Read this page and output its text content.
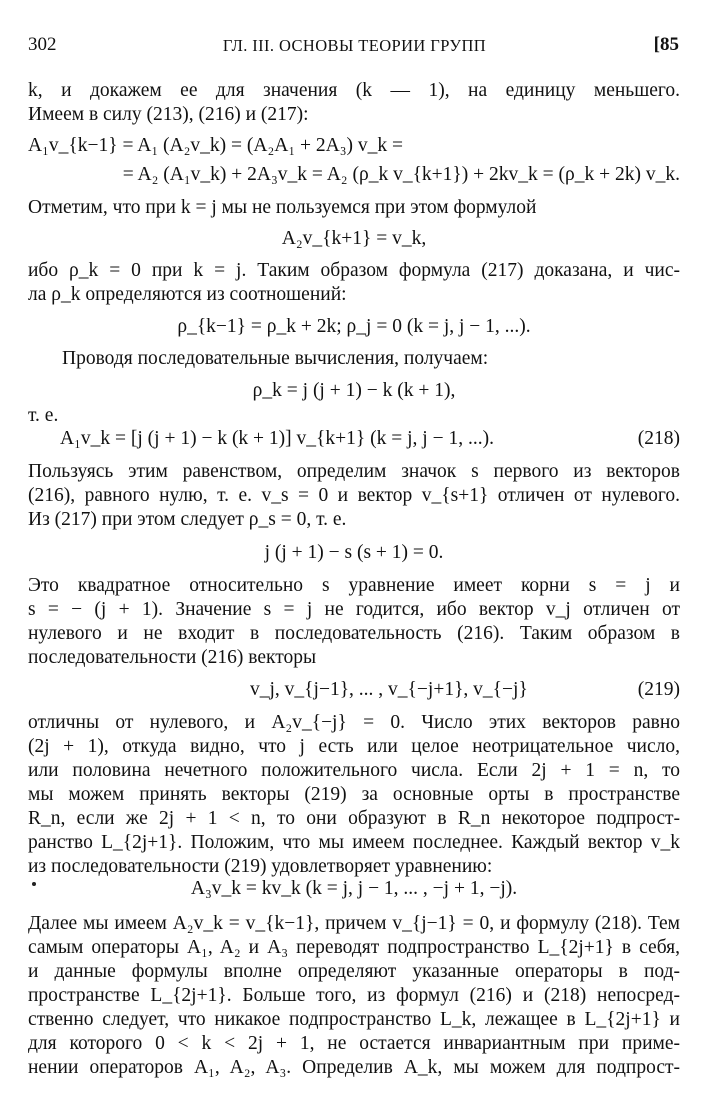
302	ГЛ. III. ОСНОВЫ ТЕОРИИ ГРУПП	[85
k, и докажем ее для значения (k — 1), на единицу меньшего.
Имеем в силу (213), (216) и (217):
A₁v_{k−1} = A₁ (A₂v_k) = (A₂A₁ + 2A₃) v_k =
= A₂ (A₁v_k) + 2A₃v_k = A₂ (ρ_k v_{k+1}) + 2kv_k = (ρ_k + 2k) v_k.
Отметим, что при k = j мы не пользуемся при этом формулой
A₂v_{k+1} = v_k,
ибо ρ_k = 0 при k = j. Таким образом формула (217) доказана, и чис-
ла ρ_k определяются из соотношений:
ρ_{k−1} = ρ_k + 2k; ρ_j = 0 (k = j, j − 1, ...).
Проводя последовательные вычисления, получаем:
ρ_k = j (j + 1) − k (k + 1),
т. е.
A₁v_k = [j (j + 1) − k (k + 1)] v_{k+1} (k = j, j − 1, ...).	(218)
Пользуясь этим равенством, определим значок s первого из векторов
(216), равного нулю, т. е. v_s = 0 и вектор v_{s+1} отличен от нулевого.
Из (217) при этом следует ρ_s = 0, т. е.
j (j + 1) − s (s + 1) = 0.
Это квадратное относительно s уравнение имеет корни s = j и
s = − (j + 1). Значение s = j не годится, ибо вектор v_j отличен от
нулевого и не входит в последовательность (216). Таким образом в
последовательности (216) векторы
v_j, v_{j−1}, ... , v_{−j+1}, v_{−j}	(219)
отличны от нулевого, и A₂v_{−j} = 0. Число этих векторов равно
(2j + 1), откуда видно, что j есть или целое неотрицательное число,
или половина нечетного положительного числа. Если 2j + 1 = n, то
мы можем принять векторы (219) за основные орты в пространстве
R_n, если же 2j + 1 < n, то они образуют в R_n некоторое подпрост-
ранство L_{2j+1}. Положим, что мы имеем последнее. Каждый вектор v_k
из последовательности (219) удовлетворяет уравнению:
A₃v_k = kv_k (k = j, j − 1, ... , −j + 1, −j).
Далее мы имеем A₂v_k = v_{k−1}, причем v_{j−1} = 0, и формулу (218). Тем
самым операторы A₁, A₂ и A₃ переводят подпространство L_{2j+1} в себя,
и данные формулы вполне определяют указанные операторы в под-
пространстве L_{2j+1}. Больше того, из формул (216) и (218) непосред-
ственно следует, что никакое подпространство L_k, лежащее в L_{2j+1} и
для которого 0 < k < 2j + 1, не остается инвариантным при приме-
нении операторов A₁, A₂, A₃. Определив A_k, мы можем для подпрост-
